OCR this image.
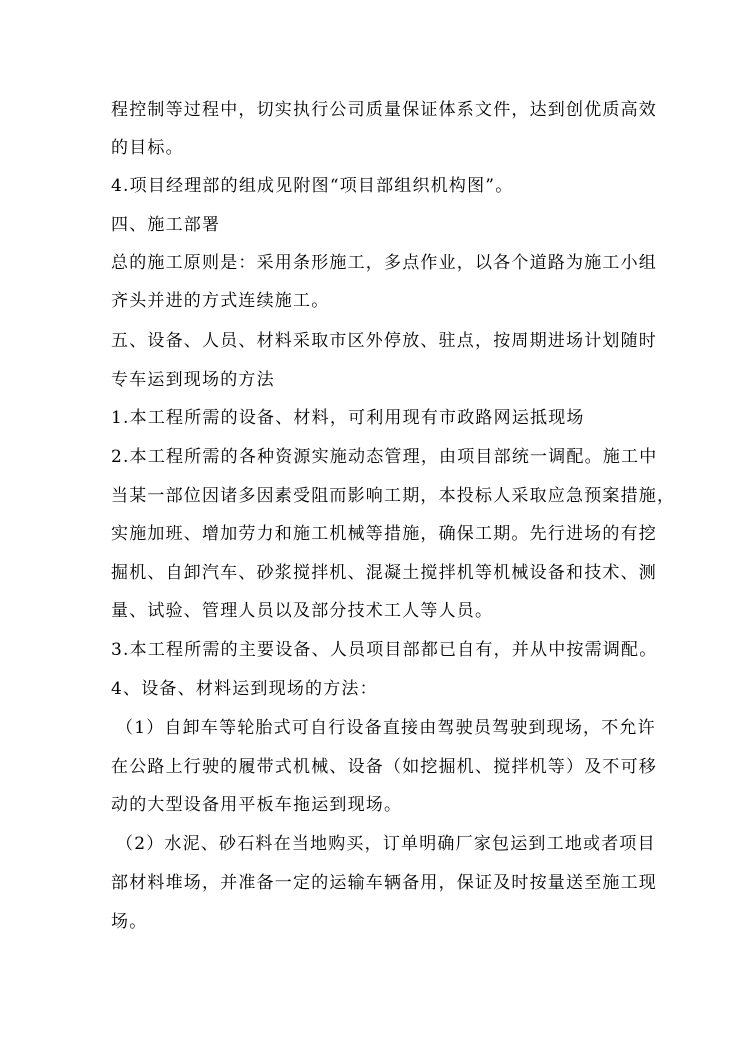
程控制等过程中，切实执行公司质量保证体系文件，达到创优质高效
的目标。
4.项目经理部的组成见附图“项目部组织机构图”。
四、施工部署
总的施工原则是：采用条形施工，多点作业，以各个道路为施工小组
齐头并进的方式连续施工。
五、设备、人员、材料采取市区外停放、驻点，按周期进场计划随时
专车运到现场的方法
1.本工程所需的设备、材料，可利用现有市政路网运抵现场
2.本工程所需的各种资源实施动态管理，由项目部统一调配。施工中
当某一部位因诸多因素受阻而影响工期，本投标人采取应急预案措施，
实施加班、增加劳力和施工机械等措施，确保工期。先行进场的有挖
掘机、自卸汽车、砂浆搅拌机、混凝土搅拌机等机械设备和技术、测
量、试验、管理人员以及部分技术工人等人员。
3.本工程所需的主要设备、人员项目部都已自有，并从中按需调配。
4、设备、材料运到现场的方法：
（1）自卸车等轮胎式可自行设备直接由驾驶员驾驶到现场，不允许
在公路上行驶的履带式机械、设备（如挖掘机、搅拌机等）及不可移
动的大型设备用平板车拖运到现场。
（2）水泥、砂石料在当地购买，订单明确厂家包运到工地或者项目
部材料堆场，并准备一定的运输车辆备用，保证及时按量送至施工现
场。
